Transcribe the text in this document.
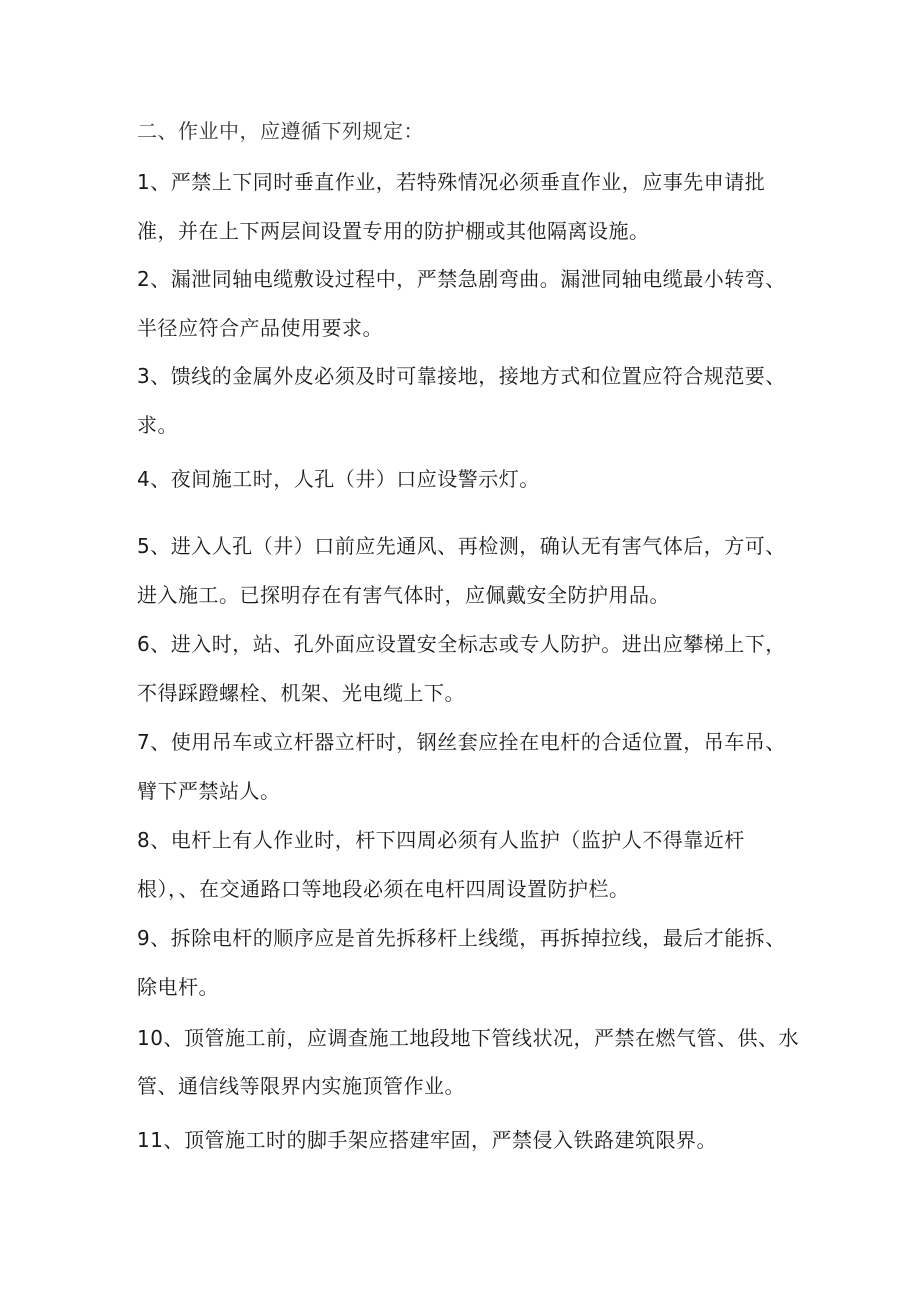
二、作业中，应遵循下列规定：
1、严禁上下同时垂直作业，若特殊情况必须垂直作业，应事先申请批
准，并在上下两层间设置专用的防护棚或其他隔离设施。
2、漏泄同轴电缆敷设过程中，严禁急剧弯曲。漏泄同轴电缆最小转弯、
半径应符合产品使用要求。
3、馈线的金属外皮必须及时可靠接地，接地方式和位置应符合规范要、
求。
4、夜间施工时，人孔（井）口应设警示灯。
5、进入人孔（井）口前应先通风、再检测，确认无有害气体后，方可、
进入施工。已探明存在有害气体时，应佩戴安全防护用品。
6、进入时，站、孔外面应设置安全标志或专人防护。进出应攀梯上下，
不得踩蹬螺栓、机架、光电缆上下。
7、使用吊车或立杆器立杆时，钢丝套应拴在电杆的合适位置，吊车吊、
臂下严禁站人。
8、电杆上有人作业时，杆下四周必须有人监护（监护人不得靠近杆
根），、在交通路口等地段必须在电杆四周设置防护栏。
9、拆除电杆的顺序应是首先拆移杆上线缆，再拆掉拉线，最后才能拆、
除电杆。
10、顶管施工前，应调查施工地段地下管线状况，严禁在燃气管、供、水
管、通信线等限界内实施顶管作业。
11、顶管施工时的脚手架应搭建牢固，严禁侵入铁路建筑限界。
